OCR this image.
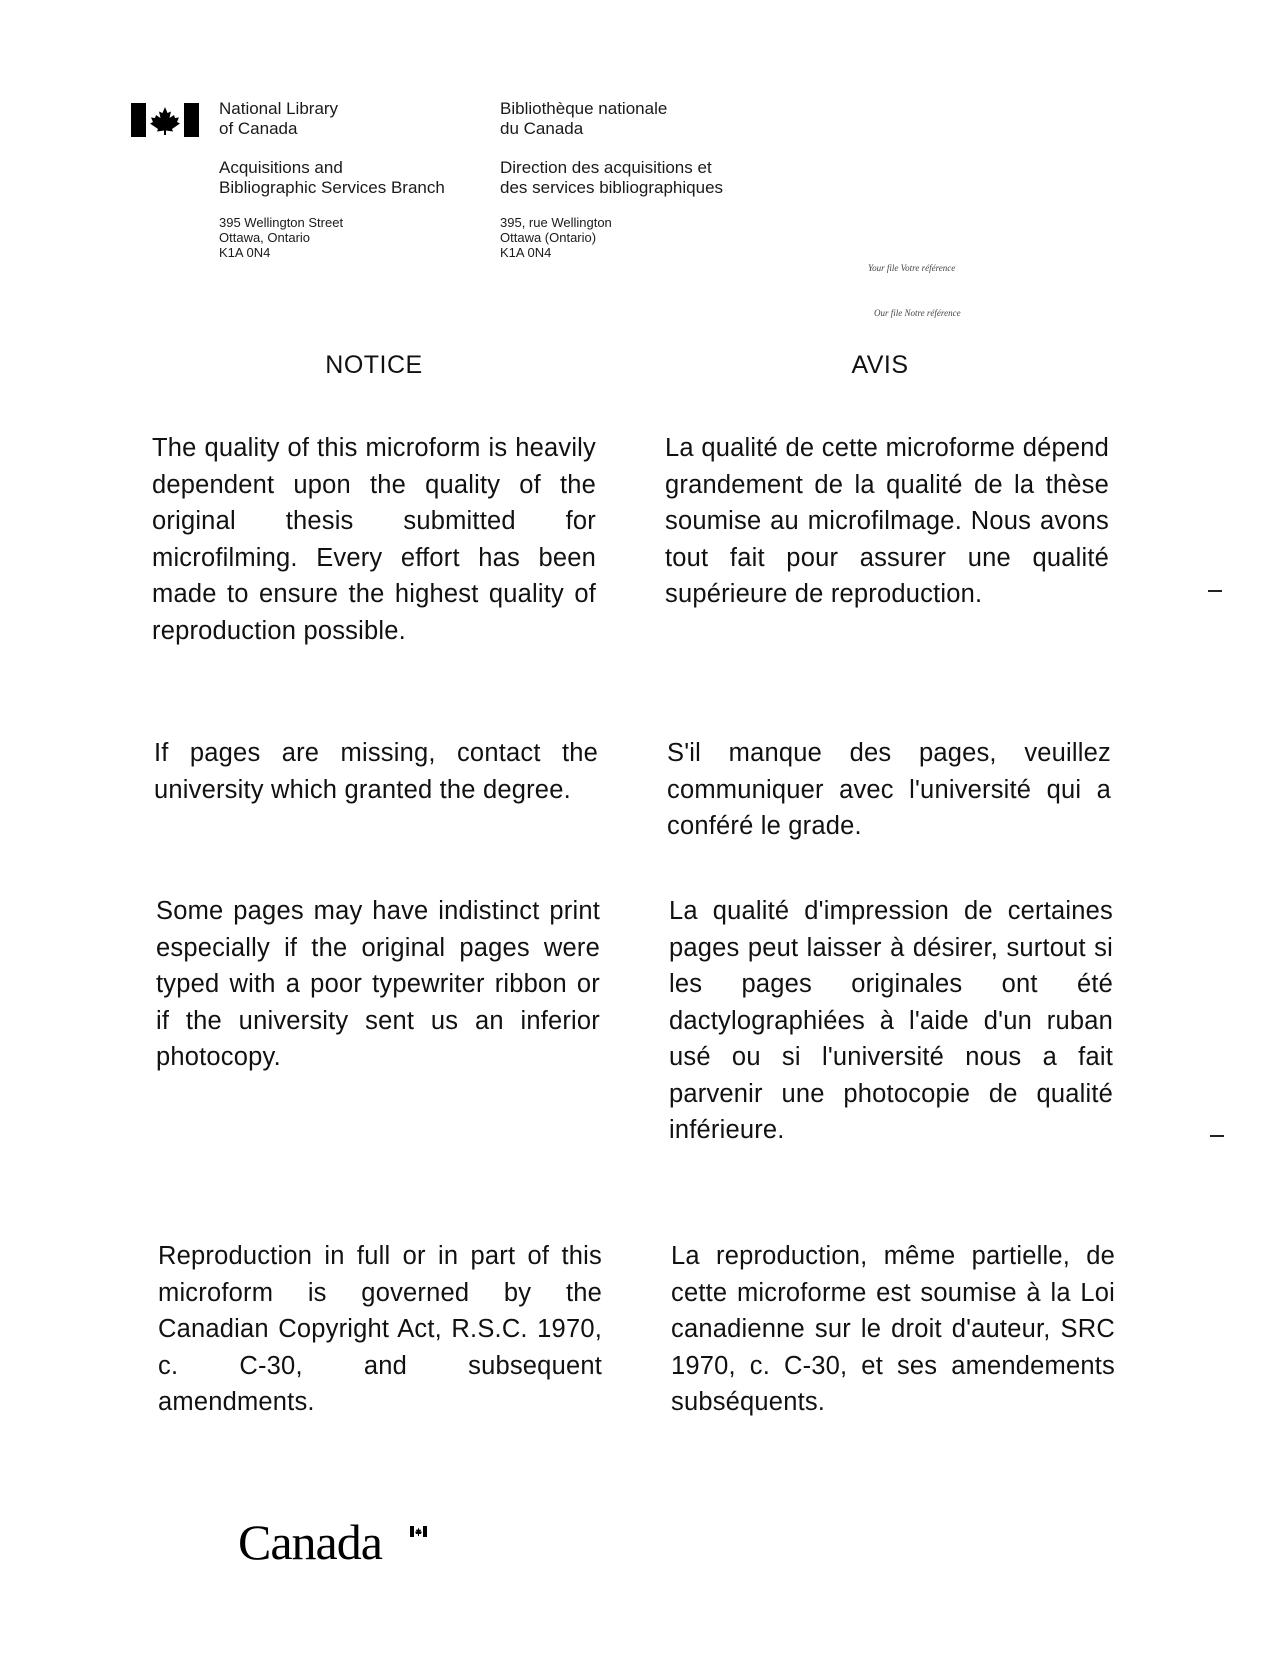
National Library
of Canada
Acquisitions and
Bibliographic Services Branch
395 Wellington Street
Ottawa, Ontario
K1A 0N4
Bibliothèque nationale
du Canada
Direction des acquisitions et
des services bibliographiques
395, rue Wellington
Ottawa (Ontario)
K1A 0N4
Your file Votre référence
Our file Notre référence
NOTICE	AVIS
The quality of this microform is heavily dependent upon the quality of the original thesis submitted for microfilming. Every effort has been made to ensure the highest quality of reproduction possible.
If pages are missing, contact the university which granted the degree.
Some pages may have indistinct print especially if the original pages were typed with a poor typewriter ribbon or if the university sent us an inferior photocopy.
Reproduction in full or in part of this microform is governed by the Canadian Copyright Act, R.S.C. 1970, c. C-30, and subsequent amendments.
La qualité de cette microforme dépend grandement de la qualité de la thèse soumise au microfilmage. Nous avons tout fait pour assurer une qualité supérieure de reproduction.
S'il manque des pages, veuillez communiquer avec l'université qui a conféré le grade.
La qualité d'impression de certaines pages peut laisser à désirer, surtout si les pages originales ont été dactylographiées à l'aide d'un ruban usé ou si l'université nous a fait parvenir une photocopie de qualité inférieure.
La reproduction, même partielle, de cette microforme est soumise à la Loi canadienne sur le droit d'auteur, SRC 1970, c. C-30, et ses amendements subséquents.
Canada
